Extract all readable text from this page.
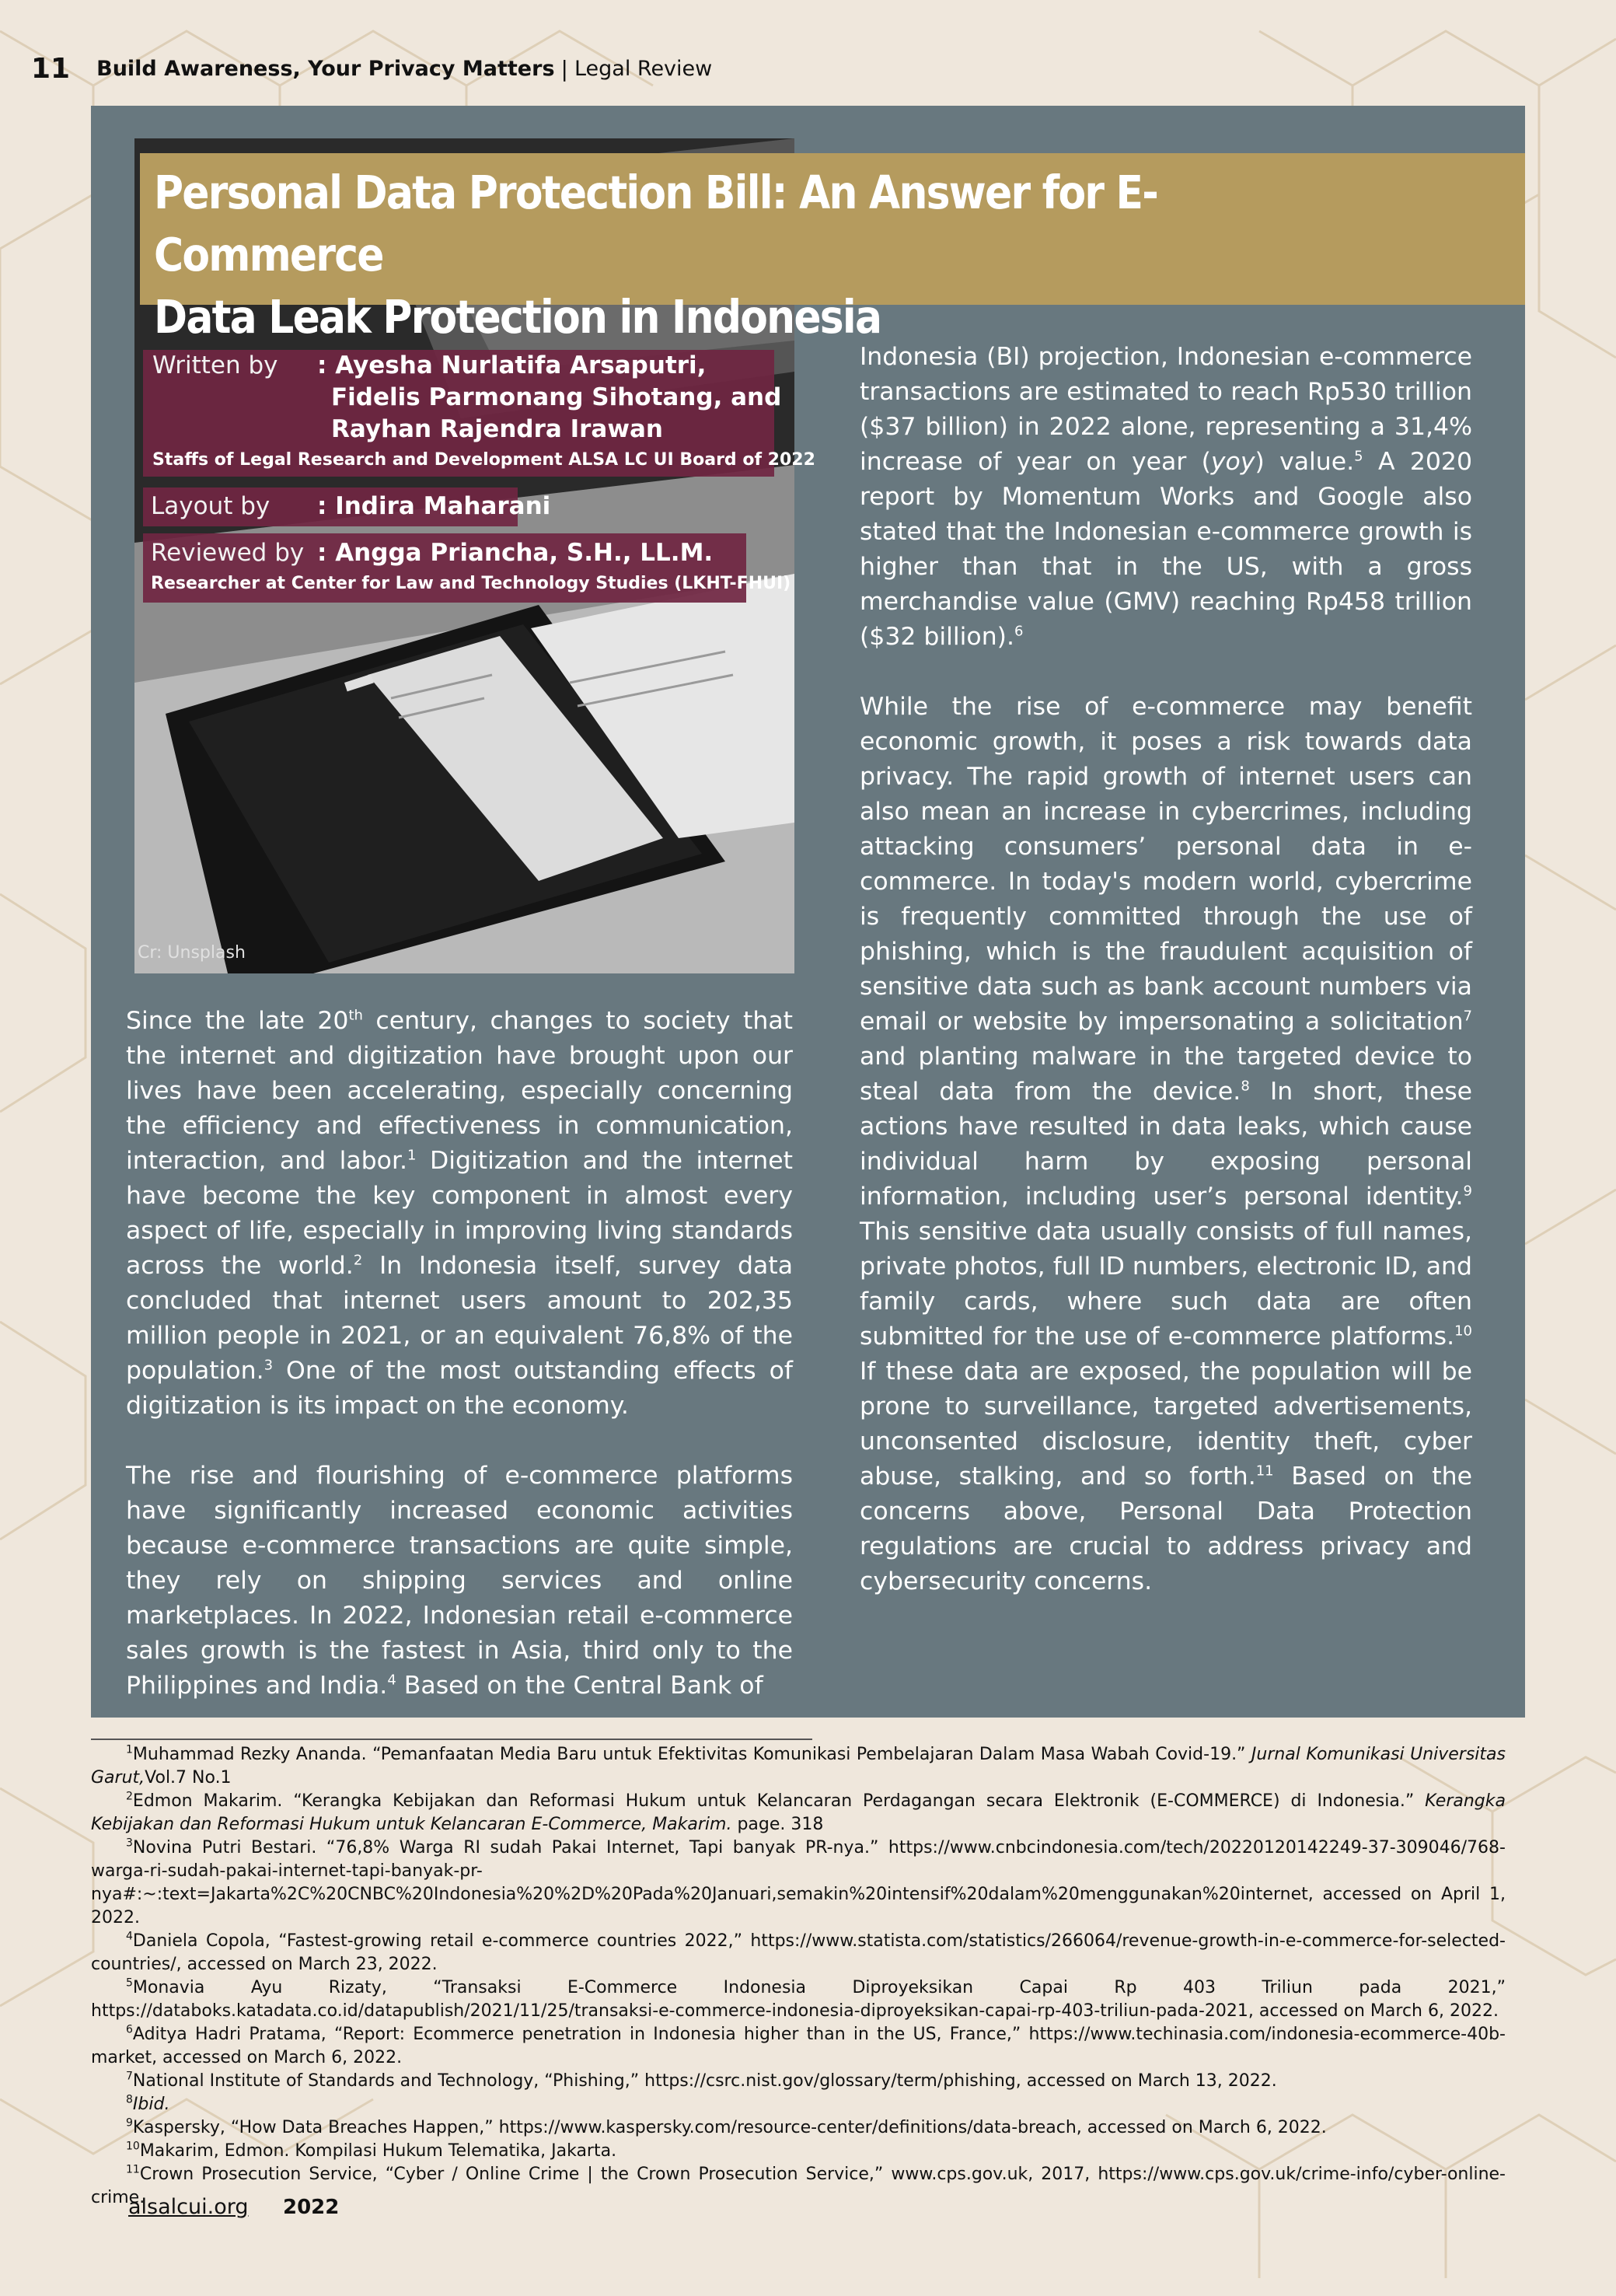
11 Build Awareness, Your Privacy Matters | Legal Review
Cr: Unsplash
Personal Data Protection Bill: An Answer for E-Commerce
Data Leak Protection in Indonesia
Written by : Ayesha Nurlatifa Arsaputri,
Fidelis Parmonang Sihotang, and
Rayhan Rajendra Irawan
Staffs of Legal Research and Development ALSA LC UI Board of 2022
Layout by : Indira Maharani
Reviewed by : Angga Priancha, S.H., LL.M.
Researcher at Center for Law and Technology Studies (LKHT-FHUI)

Since the late 20th century, changes to society that the internet and digitization have brought upon our lives have been accelerating, especially concerning the efficiency and effectiveness in communication, interaction, and labor.$^1$ Digitization and the internet have become the key component in almost every aspect of life, especially in improving living standards across the world.$^2$ In Indonesia itself, survey data concluded that internet users amount to 202,35 million people in 2021, or an equivalent 76,8% of the population.$^3$ One of the most outstanding effects of digitization is its impact on the economy.

The rise and flourishing of e-commerce platforms have significantly increased economic activities because e-commerce transactions are quite simple, they rely on shipping services and online marketplaces. In 2022, Indonesian retail e-commerce sales growth is the fastest in Asia, third only to the Philippines and India.$^4$ Based on the Central Bank of

Indonesia (BI) projection, Indonesian e-commerce transactions are estimated to reach Rp530 trillion ($37 billion) in 2022 alone, representing a 31,4% increase of year on year (yoy) value.$^5$ A 2020 report by Momentum Works and Google also stated that the Indonesian e-commerce growth is higher than that in the US, with a gross merchandise value (GMV) reaching Rp458 trillion ($32 billion).$^6$

While the rise of e-commerce may benefit economic growth, it poses a risk towards data privacy. The rapid growth of internet users can also mean an increase in cybercrimes, including attacking consumers’ personal data in e-commerce. In today's modern world, cybercrime is frequently committed through the use of phishing, which is the fraudulent acquisition of sensitive data such as bank account numbers via email or website by impersonating a solicitation$^7$ and planting malware in the targeted device to steal data from the device.$^8$ In short, these actions have resulted in data leaks, which cause individual harm by exposing personal information, including user’s personal identity.$^9$ This sensitive data usually consists of full names, private photos, full ID numbers, electronic ID, and family cards, where such data are often submitted for the use of e-commerce platforms.$^{10}$ If these data are exposed, the population will be prone to surveillance, targeted advertisements, unconsented disclosure, identity theft, cyber abuse, stalking, and so forth.$^{11}$ Based on the concerns above, Personal Data Protection regulations are crucial to address privacy and cybersecurity concerns.

$^1$Muhammad Rezky Ananda. “Pemanfaatan Media Baru untuk Efektivitas Komunikasi Pembelajaran Dalam Masa Wabah Covid-19.” Jurnal Komunikasi Universitas Garut,Vol.7 No.1

$^2$Edmon Makarim. “Kerangka Kebijakan dan Reformasi Hukum untuk Kelancaran Perdagangan secara Elektronik (E-COMMERCE) di Indonesia.” Kerangka Kebijakan dan Reformasi Hukum untuk Kelancaran E-Commerce, Makarim. page. 318

$^3$Novina Putri Bestari. “76,8% Warga RI sudah Pakai Internet, Tapi banyak PR-nya.” https://www.cnbcindonesia.com/tech/20220120142249-37-309046/768-warga-ri-sudah-pakai-internet-tapi-banyak-pr-nya#:~:text=Jakarta%2C%20CNBC%20Indonesia%20%2D%20Pada%20Januari,semakin%20intensif%20dalam%20menggunakan%20internet, accessed on April 1, 2022.

$^4$Daniela Copola, “Fastest-growing retail e-commerce countries 2022,” https://www.statista.com/statistics/266064/revenue-growth-in-e-commerce-for-selected-countries/, accessed on March 23, 2022.

$^5$Monavia Ayu Rizaty, “Transaksi E-Commerce Indonesia Diproyeksikan Capai Rp 403 Triliun pada 2021,” https://databoks.katadata.co.id/datapublish/2021/11/25/transaksi-e-commerce-indonesia-diproyeksikan-capai-rp-403-triliun-pada-2021, accessed on March 6, 2022.

$^6$Aditya Hadri Pratama, “Report: Ecommerce penetration in Indonesia higher than in the US, France,” https://www.techinasia.com/indonesia-ecommerce-40b-market, accessed on March 6, 2022.

$^7$National Institute of Standards and Technology, “Phishing,” https://csrc.nist.gov/glossary/term/phishing, accessed on March 13, 2022.

$^8$Ibid.

$^9$Kaspersky, “How Data Breaches Happen,” https://www.kaspersky.com/resource-center/definitions/data-breach, accessed on March 6, 2022.

$^{10}$Makarim, Edmon. Kompilasi Hukum Telematika, Jakarta.

$^{11}$Crown Prosecution Service, “Cyber / Online Crime | the Crown Prosecution Service,” www.cps.gov.uk, 2017, https://www.cps.gov.uk/crime-info/cyber-online-crime.

alsalcui.org 2022
